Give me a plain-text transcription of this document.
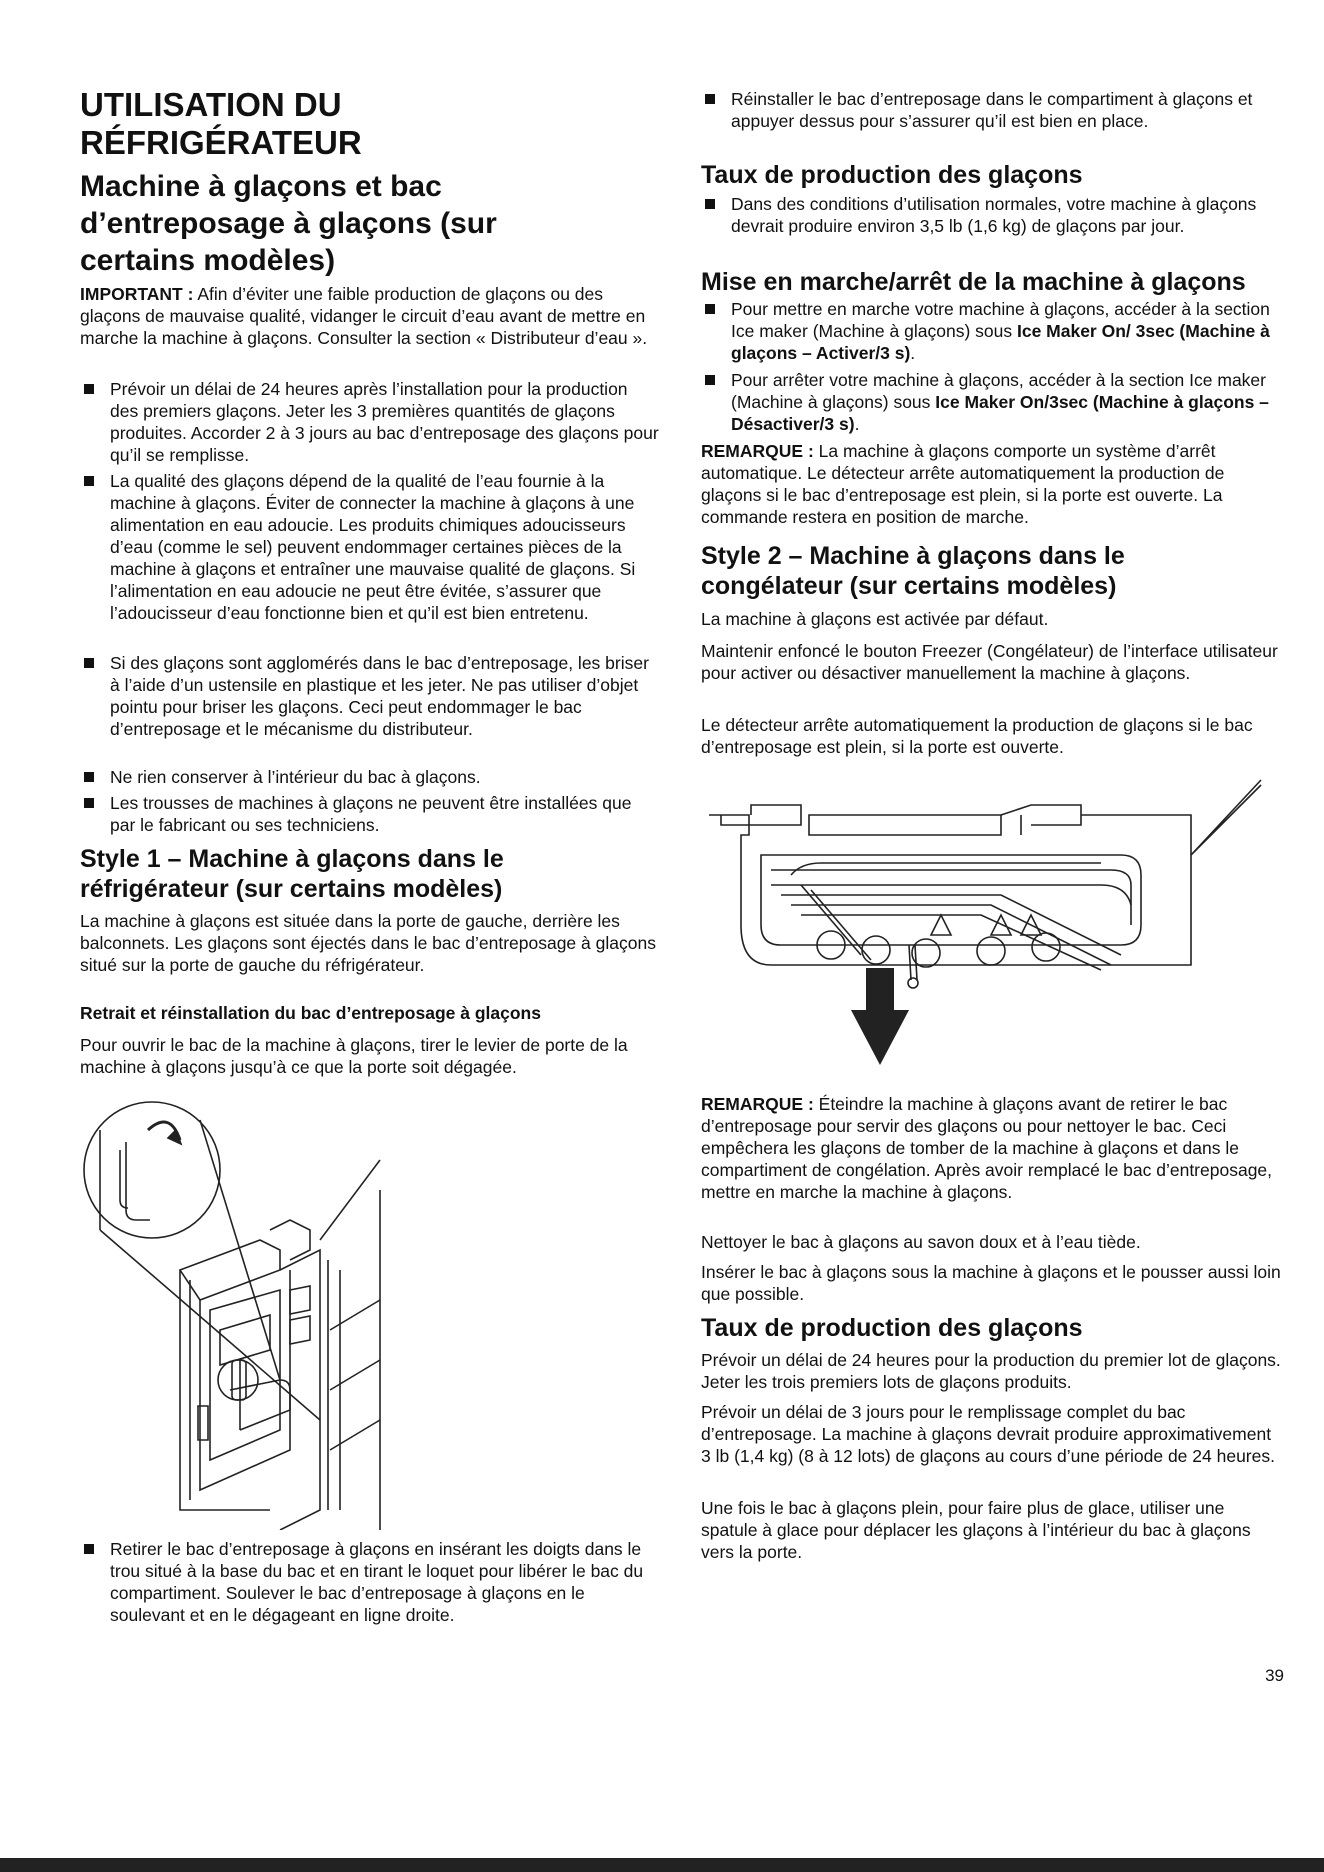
UTILISATION DU
RÉFRIGÉRATEUR
Machine à glaçons et bac
d’entreposage à glaçons (sur
certains modèles)

IMPORTANT : Afin d’éviter une faible production de glaçons ou des glaçons de mauvaise qualité, vidanger le circuit d’eau avant de mettre en marche la machine à glaçons. Consulter la section « Distributeur d’eau ».

Prévoir un délai de 24 heures après l’installation pour la production des premiers glaçons. Jeter les 3 premières quantités de glaçons produites. Accorder 2 à 3 jours au bac d’entreposage des glaçons pour qu’il se remplisse.
La qualité des glaçons dépend de la qualité de l’eau fournie à la machine à glaçons. Éviter de connecter la machine à glaçons à une alimentation en eau adoucie. Les produits chimiques adoucisseurs d’eau (comme le sel) peuvent endommager certaines pièces de la machine à glaçons et entraîner une mauvaise qualité de glaçons. Si l’alimentation en eau adoucie ne peut être évitée, s’assurer que l’adoucisseur d’eau fonctionne bien et qu’il est bien entretenu.
Si des glaçons sont agglomérés dans le bac d’entreposage, les briser à l’aide d’un ustensile en plastique et les jeter. Ne pas utiliser d’objet pointu pour briser les glaçons. Ceci peut endommager le bac d’entreposage et le mécanisme du distributeur.
Ne rien conserver à l’intérieur du bac à glaçons.
Les trousses de machines à glaçons ne peuvent être installées que par le fabricant ou ses techniciens.
Style 1 – Machine à glaçons dans le
réfrigérateur (sur certains modèles)

La machine à glaçons est située dans la porte de gauche, derrière les balconnets. Les glaçons sont éjectés dans le bac d’entreposage à glaçons situé sur la porte de gauche du réfrigérateur.

Retrait et réinstallation du bac d’entreposage à glaçons

Pour ouvrir le bac de la machine à glaçons, tirer le levier de porte de la machine à glaçons jusqu’à ce que la porte soit dégagée.

Retirer le bac d’entreposage à glaçons en insérant les doigts dans le trou situé à la base du bac et en tirant le loquet pour libérer le bac du compartiment. Soulever le bac d’entreposage à glaçons en le soulevant et en le dégageant en ligne droite.
Réinstaller le bac d’entreposage dans le compartiment à glaçons et appuyer dessus pour s’assurer qu’il est bien en place.
Taux de production des glaçons
Dans des conditions d’utilisation normales, votre machine à glaçons devrait produire environ 3,5 lb (1,6 kg) de glaçons par jour.
Mise en marche/arrêt de la machine à glaçons
Pour mettre en marche votre machine à glaçons, accéder à la section Ice maker (Machine à glaçons) sous Ice Maker On/ 3sec (Machine à glaçons – Activer/3 s).
Pour arrêter votre machine à glaçons, accéder à la section Ice maker (Machine à glaçons) sous Ice Maker On/3sec (Machine à glaçons – Désactiver/3 s).

REMARQUE : La machine à glaçons comporte un système d’arrêt automatique. Le détecteur arrête automatiquement la production de glaçons si le bac d’entreposage est plein, si la porte est ouverte. La commande restera en position de marche.

Style 2 – Machine à glaçons dans le
congélateur (sur certains modèles)

La machine à glaçons est activée par défaut.

Maintenir enfoncé le bouton Freezer (Congélateur) de l’interface utilisateur pour activer ou désactiver manuellement la machine à glaçons.

Le détecteur arrête automatiquement la production de glaçons si le bac d’entreposage est plein, si la porte est ouverte.

REMARQUE : Éteindre la machine à glaçons avant de retirer le bac d’entreposage pour servir des glaçons ou pour nettoyer le bac. Ceci empêchera les glaçons de tomber de la machine à glaçons et dans le compartiment de congélation. Après avoir remplacé le bac d’entreposage, mettre en marche la machine à glaçons.

Nettoyer le bac à glaçons au savon doux et à l’eau tiède.

Insérer le bac à glaçons sous la machine à glaçons et le pousser aussi loin que possible.

Taux de production des glaçons

Prévoir un délai de 24 heures pour la production du premier lot de glaçons. Jeter les trois premiers lots de glaçons produits.

Prévoir un délai de 3 jours pour le remplissage complet du bac d’entreposage. La machine à glaçons devrait produire approximativement 3 lb (1,4 kg) (8 à 12 lots) de glaçons au cours d’une période de 24 heures.

Une fois le bac à glaçons plein, pour faire plus de glace, utiliser une spatule à glace pour déplacer les glaçons à l’intérieur du bac à glaçons vers la porte.

39
